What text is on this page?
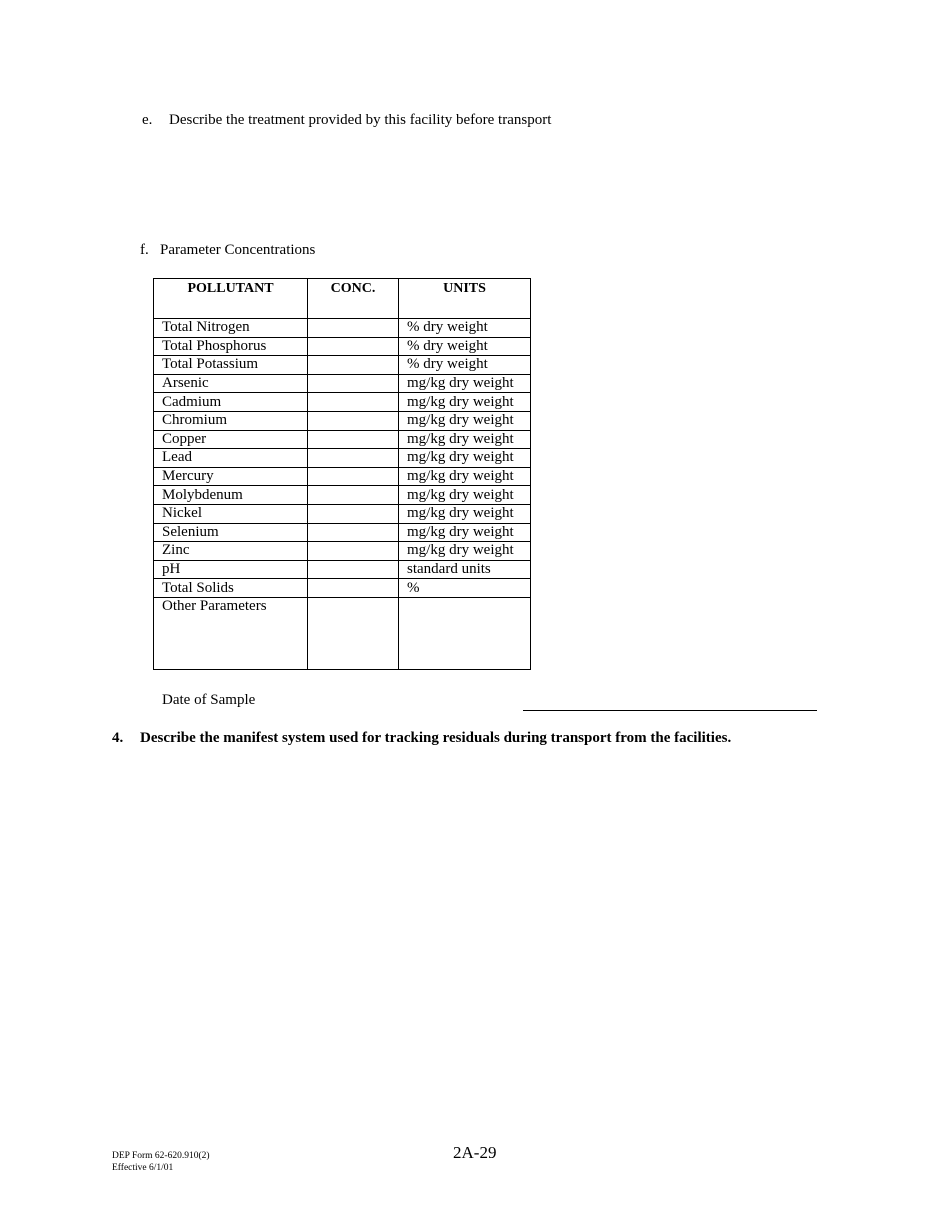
e. Describe the treatment provided by this facility before transport
f. Parameter Concentrations
POLLUTANT	CONC.	UNITS
Total Nitrogen		% dry weight
Total Phosphorus		% dry weight
Total Potassium		% dry weight
Arsenic		mg/kg dry weight
Cadmium		mg/kg dry weight
Chromium		mg/kg dry weight
Copper		mg/kg dry weight
Lead		mg/kg dry weight
Mercury		mg/kg dry weight
Molybdenum		mg/kg dry weight
Nickel		mg/kg dry weight
Selenium		mg/kg dry weight
Zinc		mg/kg dry weight
pH		standard units
Total Solids		%
Other Parameters		
Date of Sample
4. Describe the manifest system used for tracking residuals during transport from the facilities.
DEP Form 62-620.910(2)
Effective 6/1/01
2A-29
